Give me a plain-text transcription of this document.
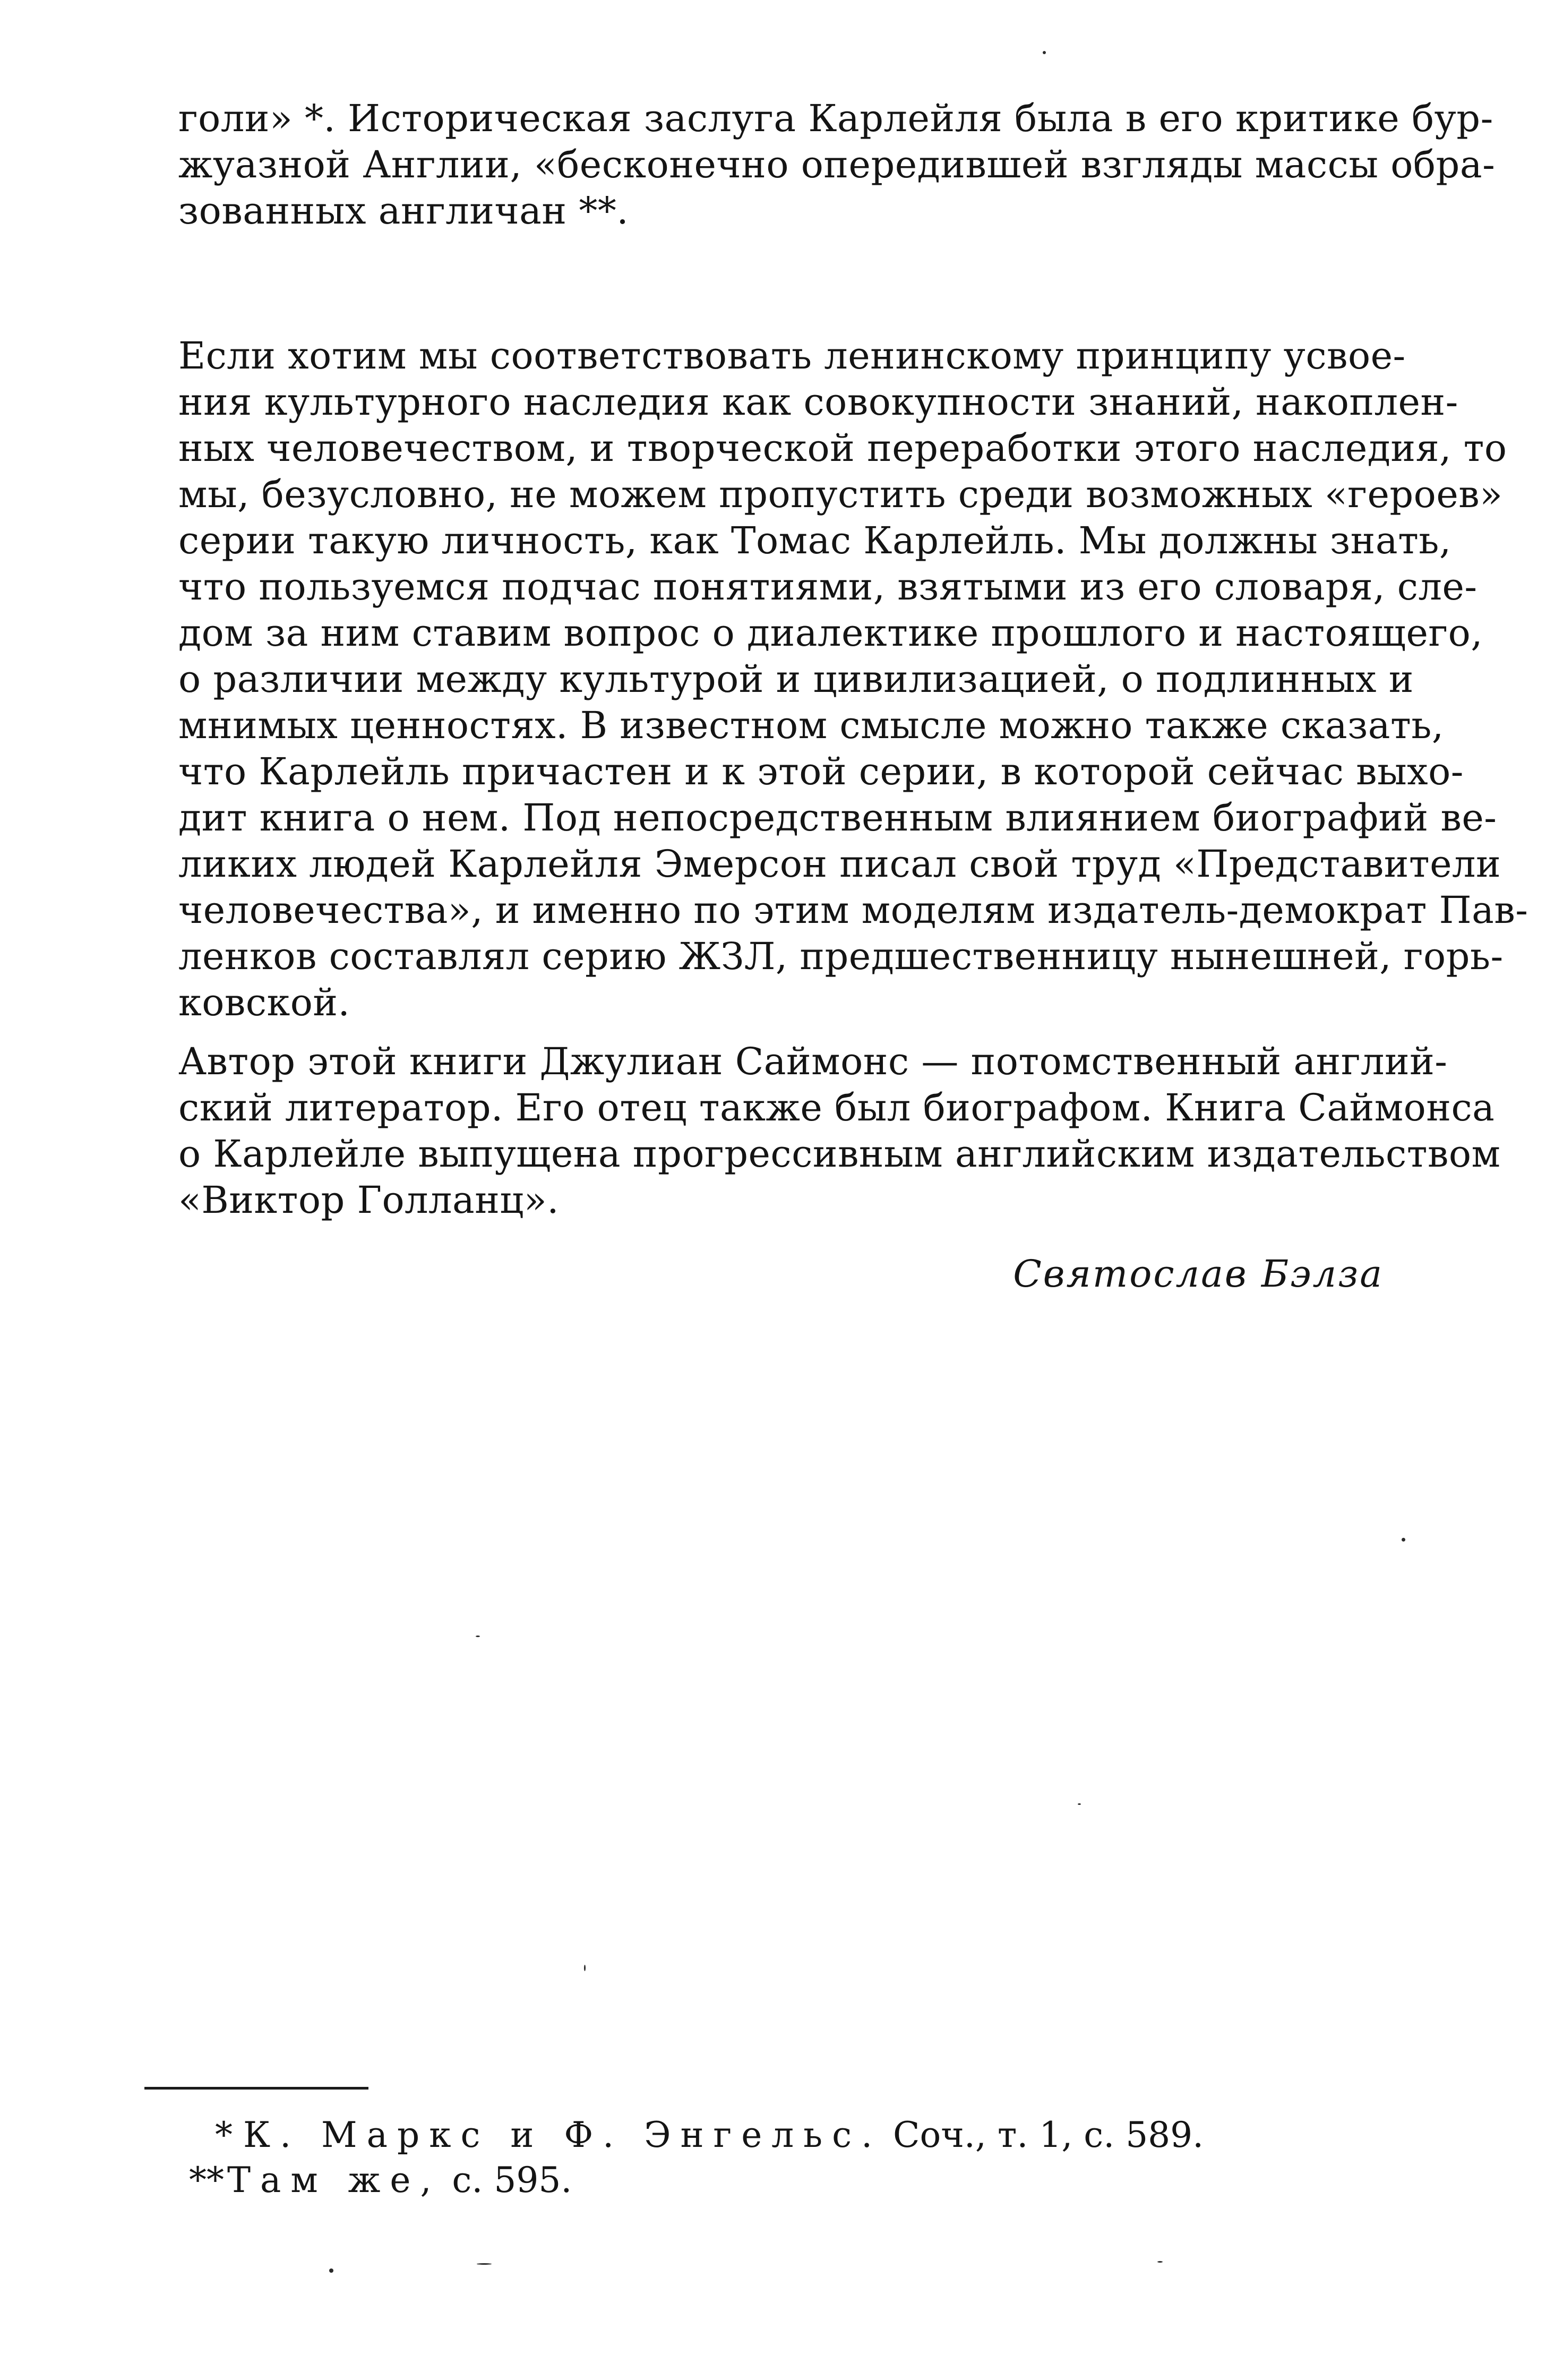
голи» *. Историческая заслуга Карлейля была в его критике бур-
жуазной Англии, «бесконечно опередившей взгляды массы обра-
зованных англичан **.
Если хотим мы соответствовать ленинскому принципу усвое-
ния культурного наследия как совокупности знаний, накоплен-
ных человечеством, и творческой переработки этого наследия, то
мы, безусловно, не можем пропустить среди возможных «героев»
серии такую личность, как Томас Карлейль. Мы должны знать,
что пользуемся подчас понятиями, взятыми из его словаря, сле-
дом за ним ставим вопрос о диалектике прошлого и настоящего,
о различии между культурой и цивилизацией, о подлинных и
мнимых ценностях. В известном смысле можно также сказать,
что Карлейль причастен и к этой серии, в которой сейчас выхо-
дит книга о нем. Под непосредственным влиянием биографий ве-
ликих людей Карлейля Эмерсон писал свой труд «Представители
человечества», и именно по этим моделям издатель-демократ Пав-
ленков составлял серию ЖЗЛ, предшественницу нынешней, горь-
ковской.
Автор этой книги Джулиан Саймонс — потомственный англий-
ский литератор. Его отец также был биографом. Книга Саймонса
о Карлейле выпущена прогрессивным английским издательством
«Виктор Голланц».
Святослав Бэлза
* К. Маркс и Ф. Энгельс. Соч., т. 1, с. 589.
**Там же, с. 595.
